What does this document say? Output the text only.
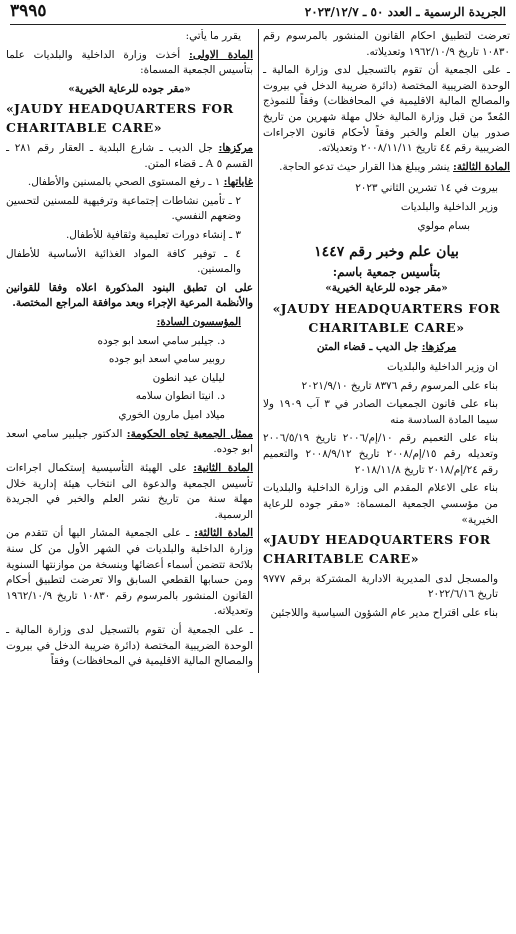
الجريدة الرسمية ـ العدد ٥٠ ـ ٢٠٢٣/١٢/٧
٣٩٩٥

تعرضت لتطبيق احكام القانون المنشور بالمرسوم رقم ١٠٨٣٠ تاريخ ١٩٦٢/١٠/٩ وتعديلاته.

ـ على الجمعية أن تقوم بالتسجيل لدى وزارة المالية ـ الوحدة الضريبية المختصة (دائرة ضريبة الدخل في بيروت والمصالح المالية الاقليمية في المحافظات) وفقاً للنموذج المُعدّ من قبل وزارة المالية خلال مهلة شهرين من تاريخ صدور بيان العلم والخبر وفقاً لأحكام قانون الاجراءات الضريبية رقم ٤٤ تاريخ ٢٠٠٨/١١/١١ وتعديلاته.

المادة الثالثة: ينشر ويبلغ هذا القرار حيث تدعو الحاجة.

بيروت في ١٤ تشرين الثاني ٢٠٢٣

وزير الداخلية والبلديات

بسام مولوي

بيان علم وخبر رقم ١٤٤٧
بتأسيس جمعية باسم:

«مقر جوده للرعاية الخيرية»

«JAUDY HEADQUARTERS FOR CHARITABLE CARE»

مركزها: جل الديب ـ قضاء المتن

ان وزير الداخلية والبلديات

بناء على المرسوم رقم ٨٣٧٦ تاريخ ٢٠٢١/٩/١٠

بناء على قانون الجمعيات الصادر في ٣ آب ١٩٠٩ ولا سيما المادة السادسة منه

بناء على التعميم رقم ١٠/إم/٢٠٠٦ تاريخ ٢٠٠٦/٥/١٩ وتعديله رقم ١٥/إم/٢٠٠٨ تاريخ ٢٠٠٨/٩/١٢ والتعميم رقم ٢٤/إم/٢٠١٨ تاريخ ٢٠١٨/١١/٨

بناء على الاعلام المقدم الى وزارة الداخلية والبلديات من مؤسسي الجمعية المسماة: «مقر جوده للرعاية الخيرية»

«JAUDY HEADQUARTERS FOR CHARITABLE CARE»

والمسجل لدى المديرية الادارية المشتركة برقم ٩٧٧٧ تاريخ ٢٠٢٢/٦/١٦

بناء على اقتراح مدير عام الشؤون السياسية واللاجئين

يقرر ما يأتي:

المادة الاولى: أخذت وزارة الداخلية والبلديات علما بتأسيس الجمعية المسماة:

«مقر جوده للرعاية الخيرية»

«JAUDY HEADQUARTERS FOR CHARITABLE CARE»

مركزها: جل الديب ـ شارع البلدية ـ العقار رقم ٢٨١ ـ القسم ٥ A ـ قضاء المتن.

غاياتها: ١ ـ رفع المستوى الصحي بالمسنين والأطفال.

٢ ـ تأمين نشاطات إجتماعية وترفيهية للمسنين لتحسين وضعهم النفسي.

٣ ـ إنشاء دورات تعليمية وثقافية للأطفال.

٤ ـ توفير كافة المواد الغذائية الأساسية للأطفال والمسنين.

على ان تطبق البنود المذكورة اعلاه وفقا للقوانين والأنظمة المرعية الإجراء وبعد موافقة المراجع المختصة.

المؤسسون السادة:

د. جيلبر سامي اسعد ابو جوده

روبير سامي اسعد ابو جوده

ليليان عيد انطون

د. انيتا انطوان سلامه

ميلاد اميل مارون الخوري

ممثل الجمعية تجاه الحكومة: الدكتور جيلبير سامي اسعد ابو جوده.

المادة الثانية: على الهيئة التأسيسية إستكمال اجراءات تأسيس الجمعية والدعوة الى انتخاب هيئة إدارية خلال مهلة سنة من تاريخ نشر العلم والخبر في الجريدة الرسمية.

المادة الثالثة: ـ على الجمعية المشار اليها أن تتقدم من وزارة الداخلية والبلديات في الشهر الأول من كل سنة بلائحة تتضمن أسماء أعضائها وبنسخة من موازنتها السنوية ومن حسابها القطعي السابق والا تعرضت لتطبيق أحكام القانون المنشور بالمرسوم رقم ١٠٨٣٠ تاريخ ١٩٦٢/١٠/٩ وتعديلاته.

ـ على الجمعية أن تقوم بالتسجيل لدى وزارة المالية ـ الوحدة الضريبية المختصة (دائرة ضريبة الدخل في بيروت والمصالح المالية الاقليمية في المحافظات) وفقاً
